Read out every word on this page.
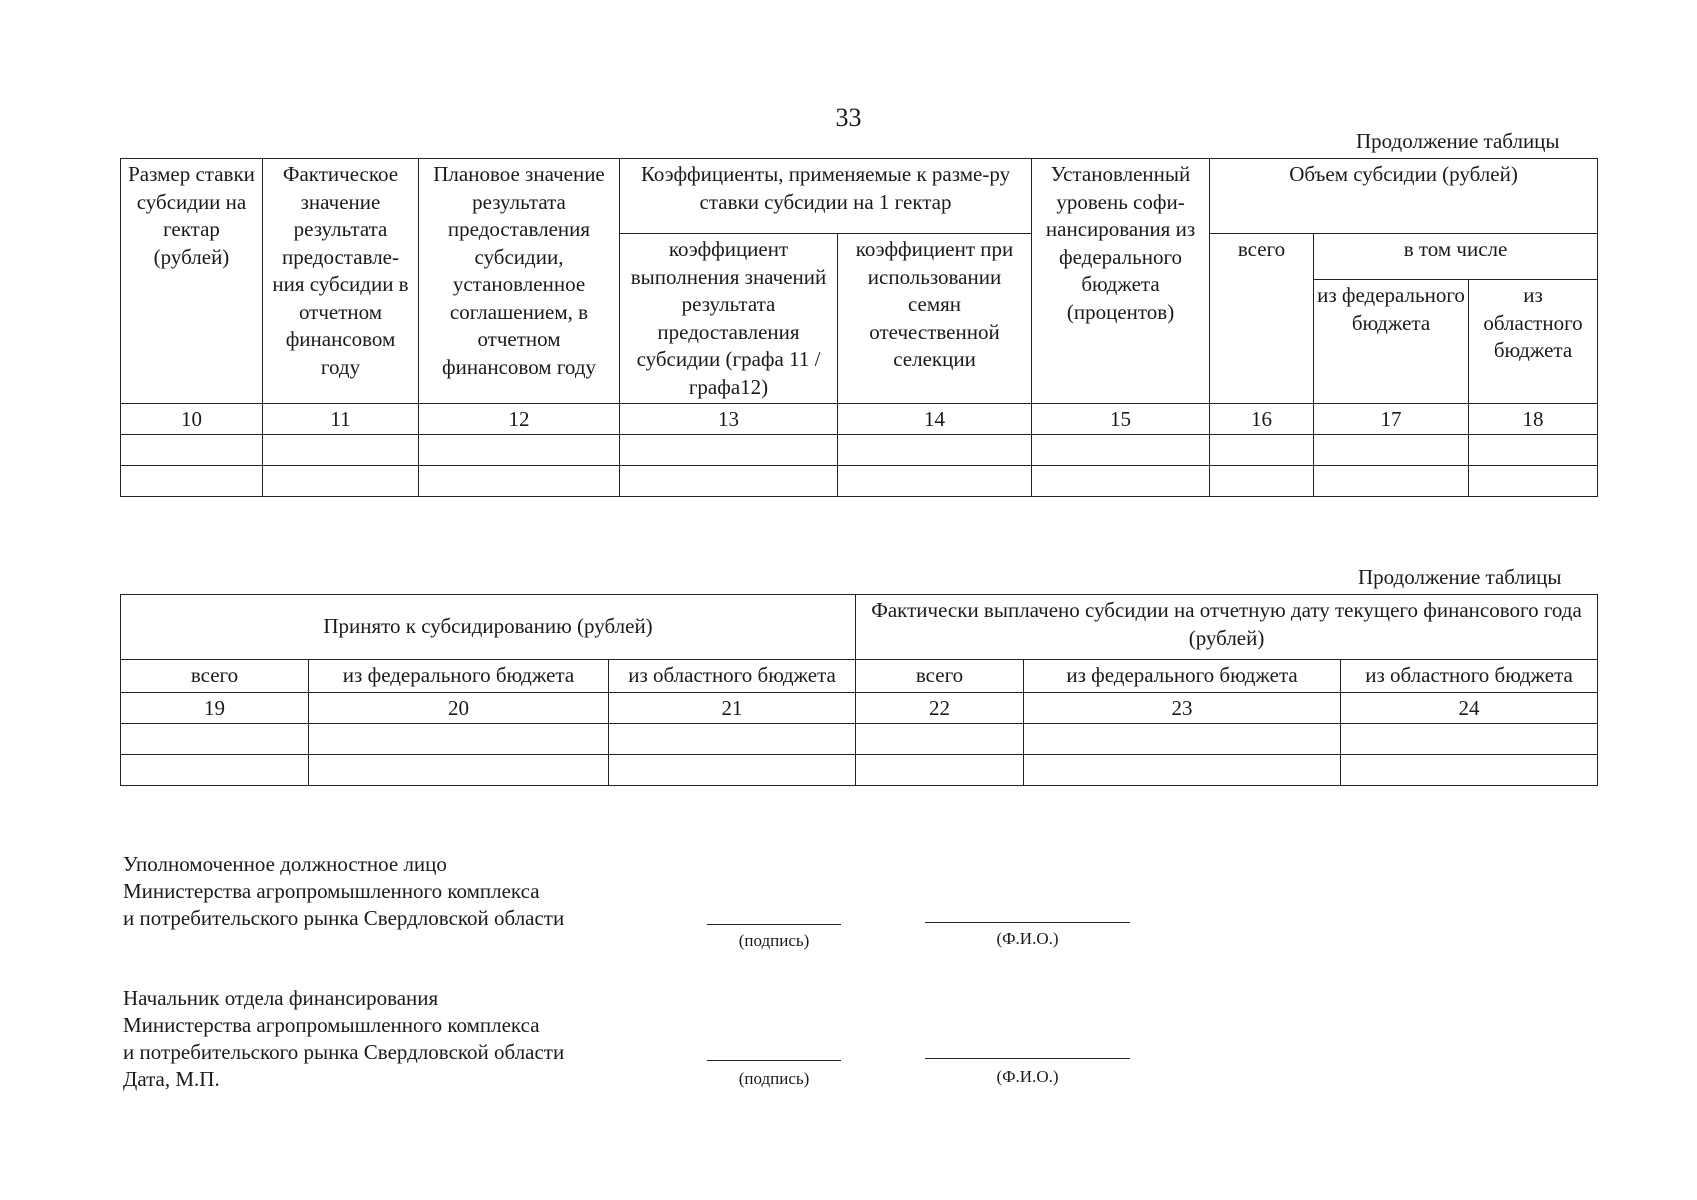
33
Продолжение таблицы
Размер ставки субсидии на гектар (рублей)	Фактическое значение результата предоставле-ния субсидии в отчетном финансовом году	Плановое значение результата предоставления субсидии, установленное соглашением, в отчетном финансовом году	Коэффициенты, применяемые к разме-ру ставки субсидии на 1 гектар		Установленный уровень софи-нансирования из федерального бюджета (процентов)	Объем субсидии (рублей)		
			коэффициент выполнения значений результата предоставления субсидии (графа 11 / графа12)	коэффициент при использовании семян отечественной селекции		всего	в том числе	
							из федерального бюджета	из областного бюджета
10	11	12	13	14	15	16	17	18

Продолжение таблицы
Принято к субсидированию (рублей)			Фактически выплачено субсидии на отчетную дату текущего финансового года (рублей)		
всего	из федерального бюджета	из областного бюджета	всего	из федерального бюджета	из областного бюджета
19	20	21	22	23	24

Уполномоченное должностное лицо
Министерства агропромышленного комплекса
и потребительского рынка Свердловской области
(подпись)	(Ф.И.О.)
Начальник отдела финансирования
Министерства агропромышленного комплекса
и потребительского рынка Свердловской области
Дата, М.П.	(подпись)	(Ф.И.О.)
